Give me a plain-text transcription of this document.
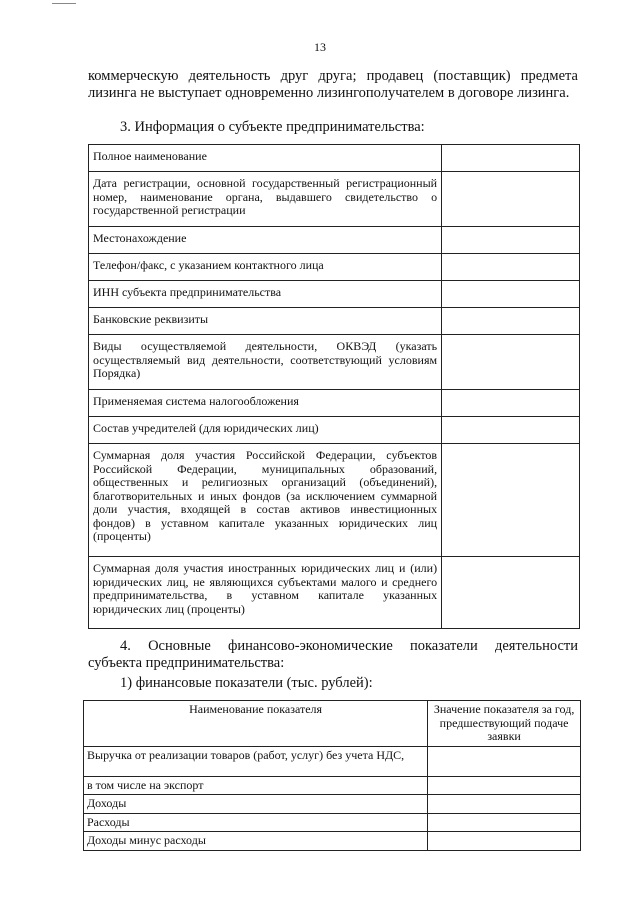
13
коммерческую деятельность друг друга; продавец (поставщик) предмета лизинга не выступает одновременно лизингополучателем в договоре лизинга.
3. Информация о субъекте предпринимательства:
Полное наименование	
Дата регистрации, основной государственный регистрационный номер, наименование органа, выдавшего свидетельство о государственной регистрации	
Местонахождение	
Телефон/факс, с указанием контактного лица	
ИНН субъекта предпринимательства	
Банковские реквизиты	
Виды осуществляемой деятельности, ОКВЭД (указать осуществляемый вид деятельности, соответствующий условиям Порядка)	
Применяемая система налогообложения	
Состав учредителей (для юридических лиц)	
Суммарная доля участия Российской Федерации, субъектов Российской Федерации, муниципальных образований, общественных и религиозных организаций (объединений), благотворительных и иных фондов (за исключением суммарной доли участия, входящей в состав активов инвестиционных фондов) в уставном капитале указанных юридических лиц (проценты)	
Суммарная доля участия иностранных юридических лиц и (или) юридических лиц, не являющихся субъектами малого и среднего предпринимательства, в уставном капитале указанных юридических лиц (проценты)	
4. Основные финансово-экономические показатели деятельности субъекта предпринимательства:
1) финансовые показатели (тыс. рублей):
Наименование показателя	Значение показателя за год, предшествующий подаче заявки
Выручка от реализации товаров (работ, услуг) без учета НДС,	
в том числе на экспорт	
Доходы	
Расходы	
Доходы минус расходы	
